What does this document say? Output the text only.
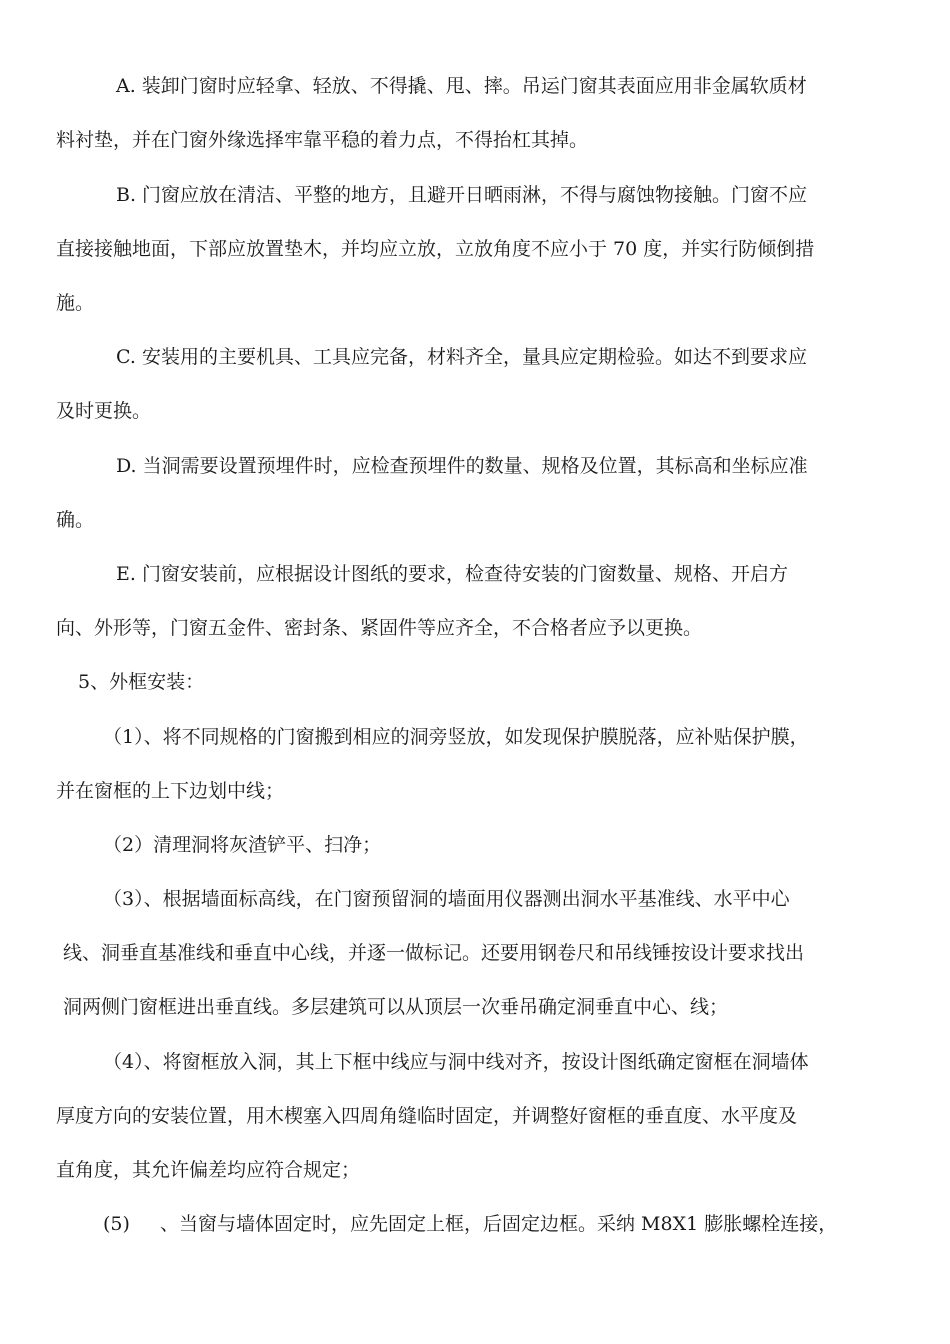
A. 装卸门窗时应轻拿、轻放、不得撬、甩、摔。吊运门窗其表面应用非金属软质材
料衬垫，并在门窗外缘选择牢靠平稳的着力点，不得抬杠其掉。
B. 门窗应放在清洁、平整的地方，且避开日晒雨淋，不得与腐蚀物接触。门窗不应
直接接触地面，下部应放置垫木，并均应立放，立放角度不应小于 70 度，并实行防倾倒措
施。
C. 安装用的主要机具、工具应完备，材料齐全，量具应定期检验。如达不到要求应
及时更换。
D. 当洞需要设置预埋件时，应检查预埋件的数量、规格及位置，其标高和坐标应准
确。
E. 门窗安装前，应根据设计图纸的要求，检查待安装的门窗数量、规格、开启方
向、外形等，门窗五金件、密封条、紧固件等应齐全，不合格者应予以更换。
5、外框安装：
（1）、将不同规格的门窗搬到相应的洞旁竖放，如发现保护膜脱落，应补贴保护膜，
并在窗框的上下边划中线；
（2）清理洞将灰渣铲平、扫净；
（3）、根据墙面标高线，在门窗预留洞的墙面用仪器测出洞水平基准线、水平中心
线、洞垂直基准线和垂直中心线，并逐一做标记。还要用钢卷尺和吊线锤按设计要求找出
洞两侧门窗框进出垂直线。多层建筑可以从顶层一次垂吊确定洞垂直中心、线；
（4）、将窗框放入洞，其上下框中线应与洞中线对齐，按设计图纸确定窗框在洞墙体
厚度方向的安装位置，用木楔塞入四周角缝临时固定，并调整好窗框的垂直度、水平度及
直角度，其允许偏差均应符合规定；
(5) 、当窗与墙体固定时，应先固定上框，后固定边框。采纳 M8X1 膨胀螺栓连接，
